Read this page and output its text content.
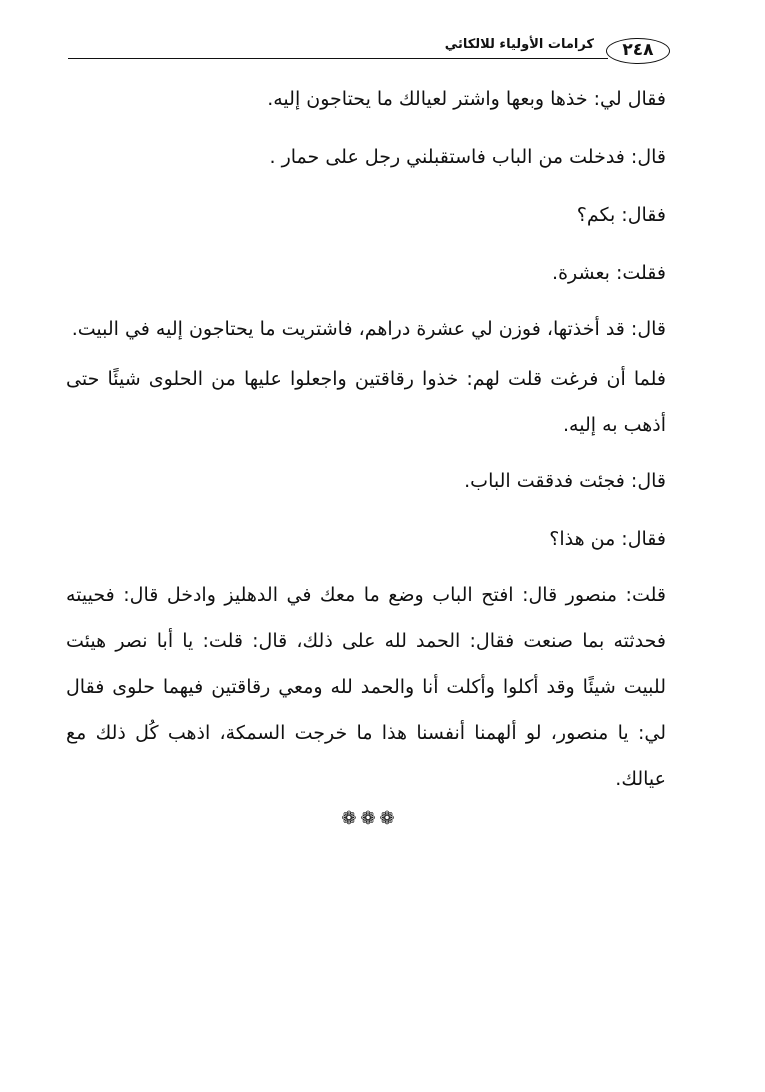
كرامات الأولياء للالكائي	٢٤٨

فقال لي: خذها وبعها واشتر لعيالك ما يحتاجون إليه.

قال: فدخلت من الباب فاستقبلني رجل على حمار .

فقال: بكم؟

فقلت: بعشرة.

قال: قد أخذتها، فوزن لي عشرة دراهم، فاشتريت ما يحتاجون إليه في البيت.

فلما أن فرغت قلت لهم: خذوا رقاقتين واجعلوا عليها من الحلوى شيئًا حتى أذهب به إليه.

قال: فجئت فدققت الباب.

فقال: من هذا؟

قلت: منصور قال: افتح الباب وضع ما معك في الدهليز وادخل قال: فحييته فحدثته بما صنعت فقال: الحمد لله على ذلك، قال: قلت: يا أبا نصر هيئت للبيت شيئًا وقد أكلوا وأكلت أنا والحمد لله ومعي رقاقتين فيهما حلوى فقال لي: يا منصور، لو ألهمنا أنفسنا هذا ما خرجت السمكة، اذهب كُل ذلك مع عيالك.

❁❁❁
